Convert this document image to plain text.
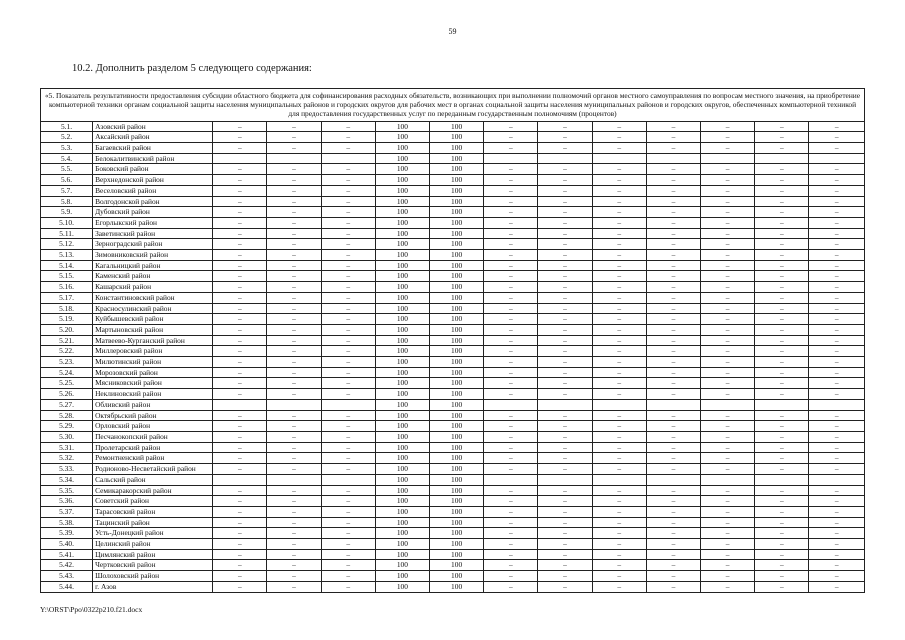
59
10.2. Дополнить разделом 5 следующего содержания:
«5. Показатель результативности предоставления субсидии областного бюджета для софинансирования расходных обязательств, возникающих при выполнении полномочий органов местного самоуправления по вопросам местного значения, на приобретение компьютерной техники органам социальной защиты населения муниципальных районов и городских округов для рабочих мест в органах социальной защиты населения муниципальных районов и городских округов, обеспеченных компьютерной техникой для предоставления государственных услуг по переданным государственным полномочиям (процентов)													
5.1.	Азовский район	–	–	–	100	100	–	–	–	–	–	–	–
5.2.	Аксайский район	–	–	–	100	100	–	–	–	–	–	–	–
5.3.	Багаевский район	–	–	–	100	100	–	–	–	–	–	–	–
5.4.	Белокалитвинский район				100	100							
5.5.	Боковский район	–	–	–	100	100	–	–	–	–	–	–	–
5.6.	Верхнедонской район	–	–	–	100	100	–	–	–	–	–	–	–
5.7.	Веселовский район	–	–	–	100	100	–	–	–	–	–	–	–
5.8.	Волгодонской район	–	–	–	100	100	–	–	–	–	–	–	–
5.9.	Дубовский район	–	–	–	100	100	–	–	–	–	–	–	–
5.10.	Егорлыкский район	–	–	–	100	100	–	–	–	–	–	–	–
5.11.	Заветинский район	–	–	–	100	100	–	–	–	–	–	–	–
5.12.	Зерноградский район	–	–	–	100	100	–	–	–	–	–	–	–
5.13.	Зимовниковский район	–	–	–	100	100	–	–	–	–	–	–	–
5.14.	Кагальницкий район	–	–	–	100	100	–	–	–	–	–	–	–
5.15.	Каменский район	–	–	–	100	100	–	–	–	–	–	–	–
5.16.	Кашарский район	–	–	–	100	100	–	–	–	–	–	–	–
5.17.	Константиновский район	–	–	–	100	100	–	–	–	–	–	–	–
5.18.	Красносулинский район	–	–	–	100	100	–	–	–	–	–	–	–
5.19.	Куйбышевский район	–	–	–	100	100	–	–	–	–	–	–	–
5.20.	Мартыновский район	–	–	–	100	100	–	–	–	–	–	–	–
5.21.	Матвеево-Курганский район	–	–	–	100	100	–	–	–	–	–	–	–
5.22.	Миллеровский район	–	–	–	100	100	–	–	–	–	–	–	–
5.23.	Милютинский район	–	–	–	100	100	–	–	–	–	–	–	–
5.24.	Морозовский район	–	–	–	100	100	–	–	–	–	–	–	–
5.25.	Мясниковский район	–	–	–	100	100	–	–	–	–	–	–	–
5.26.	Неклиновский район	–	–	–	100	100	–	–	–	–	–	–	–
5.27.	Обливский район				100	100							
5.28.	Октябрьский район	–	–	–	100	100	–	–	–	–	–	–	–
5.29.	Орловский район	–	–	–	100	100	–	–	–	–	–	–	–
5.30.	Песчанокопский район	–	–	–	100	100	–	–	–	–	–	–	–
5.31.	Пролетарский район	–	–	–	100	100	–	–	–	–	–	–	–
5.32.	Ремонтненский район	–	–	–	100	100	–	–	–	–	–	–	–
5.33.	Родионово-Несветайский район	–	–	–	100	100	–	–	–	–	–	–	–
5.34.	Сальский район				100	100							
5.35.	Семикаракорский район	–	–	–	100	100	–	–	–	–	–	–	–
5.36.	Советский район	–	–	–	100	100	–	–	–	–	–	–	–
5.37.	Тарасовский район	–	–	–	100	100	–	–	–	–	–	–	–
5.38.	Тацинский район	–	–	–	100	100	–	–	–	–	–	–	–
5.39.	Усть-Донецкий район	–	–	–	100	100	–	–	–	–	–	–	–
5.40.	Целинский район	–	–	–	100	100	–	–	–	–	–	–	–
5.41.	Цимлянский район	–	–	–	100	100	–	–	–	–	–	–	–
5.42.	Чертковский район	–	–	–	100	100	–	–	–	–	–	–	–
5.43.	Шолоховский район	–	–	–	100	100	–	–	–	–	–	–	–
5.44.	г. Азов	–	–	–	100	100	–	–	–	–	–	–	–
Y:\ORST\Ppo\0322p210.f21.docx
